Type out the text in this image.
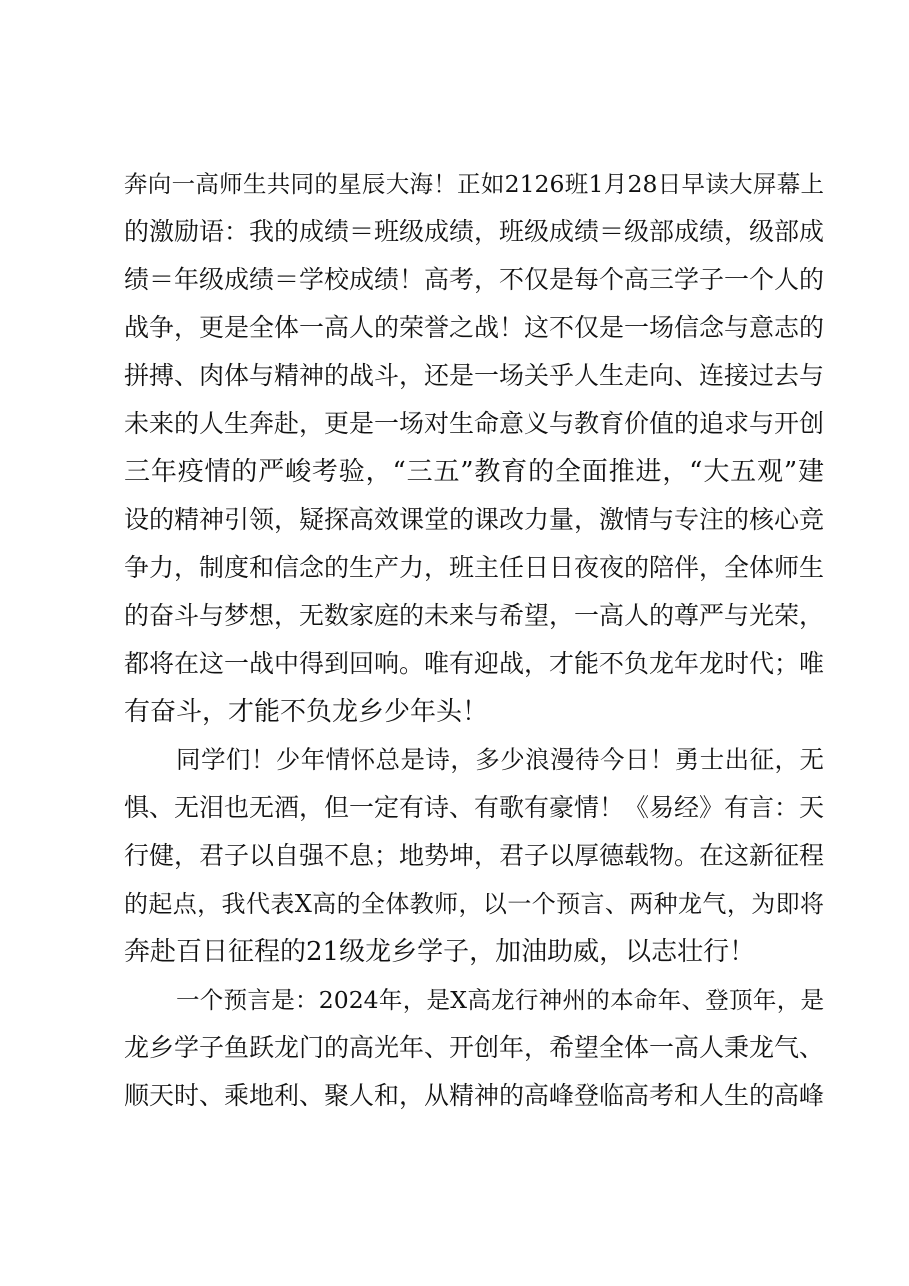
奔向一高师生共同的星辰大海！正如2126班1月28日早读大屏幕上
的激励语：我的成绩＝班级成绩，班级成绩＝级部成绩，级部成
绩＝年级成绩＝学校成绩！高考，不仅是每个高三学子一个人的
战争，更是全体一高人的荣誉之战！这不仅是一场信念与意志的
拼搏、肉体与精神的战斗，还是一场关乎人生走向、连接过去与
未来的人生奔赴，更是一场对生命意义与教育价值的追求与开创
三年疫情的严峻考验，“三五”教育的全面推进，“大五观”建
设的精神引领，疑探高效课堂的课改力量，激情与专注的核心竞
争力，制度和信念的生产力，班主任日日夜夜的陪伴，全体师生
的奋斗与梦想，无数家庭的未来与希望，一高人的尊严与光荣，
都将在这一战中得到回响。唯有迎战，才能不负龙年龙时代；唯
有奋斗，才能不负龙乡少年头！
同学们！少年情怀总是诗，多少浪漫待今日！勇士出征，无
惧、无泪也无酒，但一定有诗、有歌有豪情！《易经》有言：天
行健，君子以自强不息；地势坤，君子以厚德载物。在这新征程
的起点，我代表X高的全体教师，以一个预言、两种龙气，为即将
奔赴百日征程的21级龙乡学子，加油助威，以志壮行！
一个预言是：2024年，是X高龙行神州的本命年、登顶年，是
龙乡学子鱼跃龙门的高光年、开创年，希望全体一高人秉龙气、
顺天时、乘地利、聚人和，从精神的高峰登临高考和人生的高峰
